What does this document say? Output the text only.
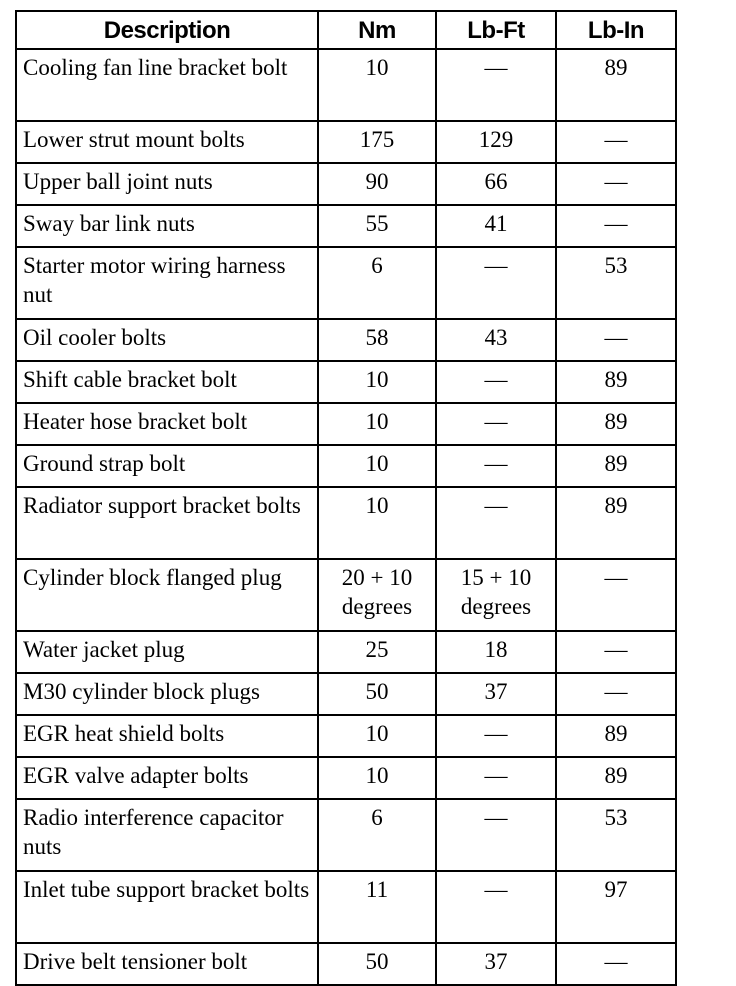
Description	Nm	Lb-Ft	Lb-In
Cooling fan line bracket bolt	10	—	89
Lower strut mount bolts	175	129	—
Upper ball joint nuts	90	66	—
Sway bar link nuts	55	41	—
Starter motor wiring harness nut	6	—	53
Oil cooler bolts	58	43	—
Shift cable bracket bolt	10	—	89
Heater hose bracket bolt	10	—	89
Ground strap bolt	10	—	89
Radiator support bracket bolts	10	—	89
Cylinder block flanged plug	20 + 10 degrees	15 + 10 degrees	—
Water jacket plug	25	18	—
M30 cylinder block plugs	50	37	—
EGR heat shield bolts	10	—	89
EGR valve adapter bolts	10	—	89
Radio interference capacitor nuts	6	—	53
Inlet tube support bracket bolts	11	—	97
Drive belt tensioner bolt	50	37	—
